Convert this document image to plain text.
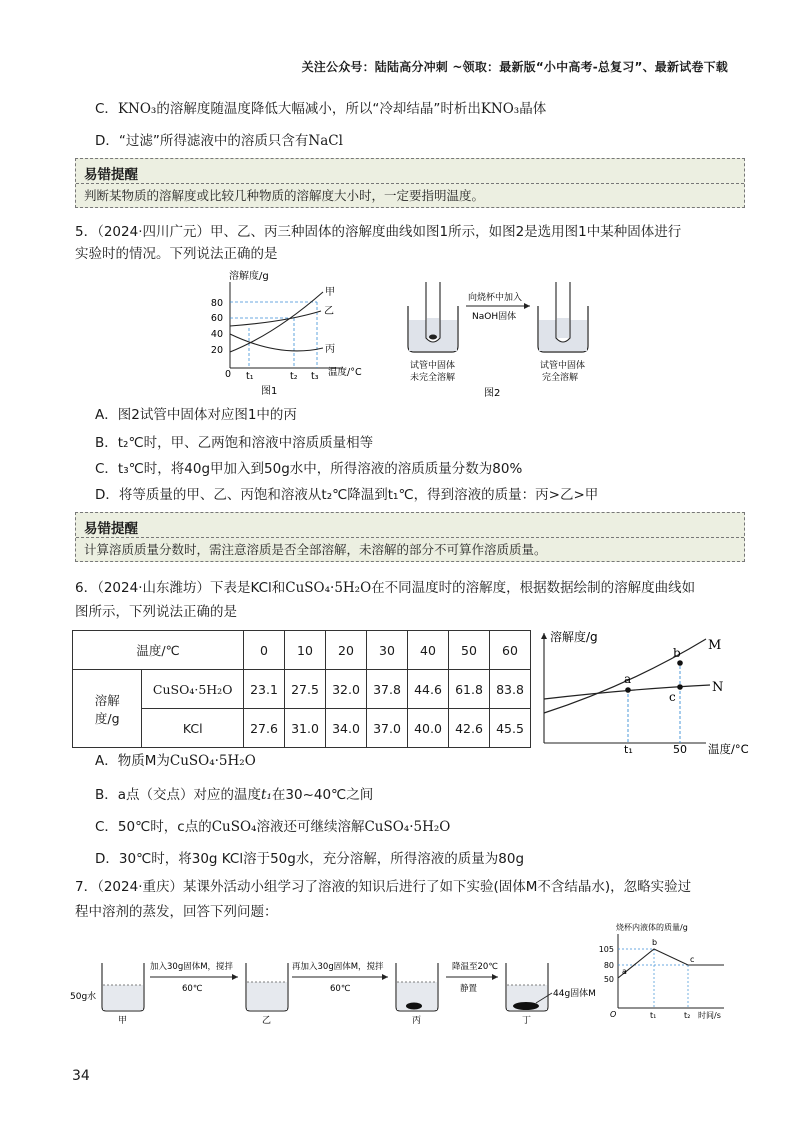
关注公众号：陆陆高分冲刺 ~领取：最新版“小中高考-总复习”、最新试卷下载
C．KNO₃的溶解度随温度降低大幅减小，所以“冷却结晶”时析出KNO₃晶体
D．“过滤”所得滤液中的溶质只含有NaCl
易错提醒
判断某物质的溶解度或比较几种物质的溶解度大小时，一定要指明温度。
5．（2024·四川广元）甲、乙、丙三种固体的溶解度曲线如图1所示，如图2是选用图1中某种固体进行
实验时的情况。下列说法正确的是
溶解度/g
80
60
40
20
0
甲
乙
丙
t₁	t₂ t₃ 温度/°C
图1
试管中固体
未完全溶解
向烧杯中加入
NaOH固体
试管中固体
完全溶解
图2
A．图2试管中固体对应图1中的丙
B．t₂℃时，甲、乙两饱和溶液中溶质质量相等
C．t₃℃时，将40g甲加入到50g水中，所得溶液的溶质质量分数为80%
D．将等质量的甲、乙、丙饱和溶液从t₂℃降温到t₁℃，得到溶液的质量：丙>乙>甲
易错提醒
计算溶质质量分数时，需注意溶质是否全部溶解，未溶解的部分不可算作溶质质量。
6．（2024·山东潍坊）下表是KCl和CuSO₄·5H₂O在不同温度时的溶解度，根据数据绘制的溶解度曲线如
图所示，下列说法正确的是
温度/℃		0	10	20	30	40	50	60

溶解
度/g	CuSO₄·5H₂O	23.1	27.5	32.0	37.8	44.6	61.8	83.8
	KCl	27.6	31.0	34.0	37.0	40.0	42.6	45.5
溶解度/g
a
b
c
M
N
t₁	50 温度/°C
A．物质M为CuSO₄·5H₂O
B．a点（交点）对应的温度t₁在30~40℃之间
C．50℃时，c点的CuSO₄溶液还可继续溶解CuSO₄·5H₂O
D．30℃时，将30g KCl溶于50g水，充分溶解，所得溶液的质量为80g
7．（2024·重庆）某课外活动小组学习了溶液的知识后进行了如下实验(固体M不含结晶水)，忽略实验过
程中溶剂的蒸发，回答下列问题：
50g水
甲
加入30g固体M，搅拌
60℃
乙
再加入30g固体M，搅拌
60℃
丙
降温至20℃
静置	44g固体M
丁
烧杯内液体的质量/g
105
80
50
O
a
b
c
t₁	t₂ 时间/s
34
